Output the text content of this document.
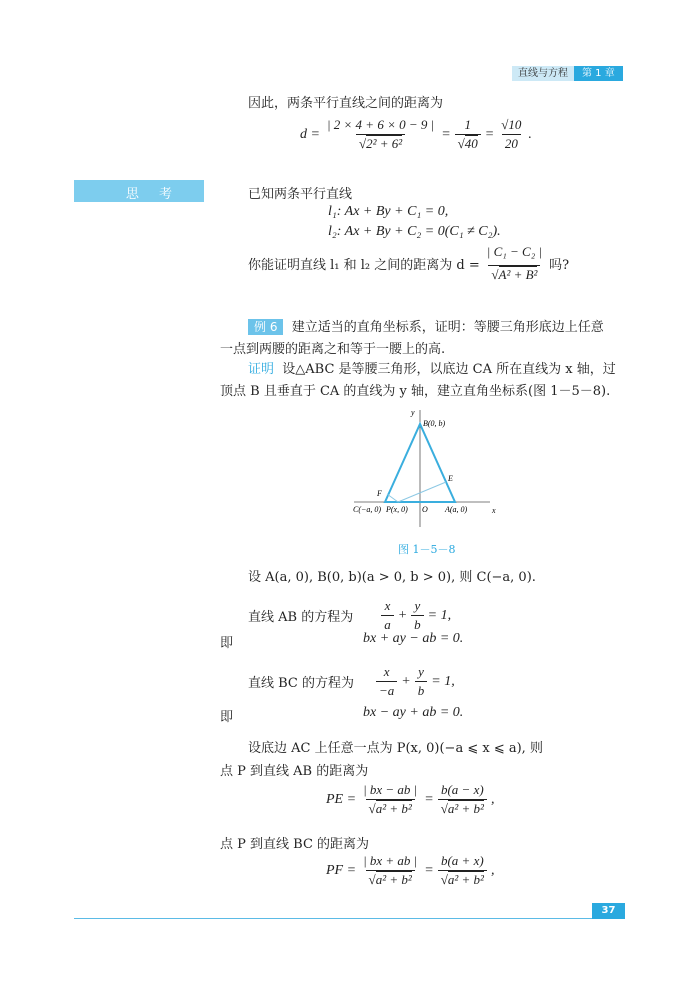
直线与方程 第 1 章
因此，两条平行直线之间的距离为
d = | 2 × 4 + 6 × 0 − 9 |
√ 2² + 6² = 1
√ $40 = \frac{√10}{20}$ .
思 考	已知两条平行直线
l₁: Ax + By + C₁ = 0,
l₂: Ax + By + C₂ = 0(C₁ ≠ C₂).
你能证明直线 l₁ 和 l₂ 之间的距离为 d = | C₁ − C₂ |
√ A² + B² 吗?
例 6 建立适当的直角坐标系，证明：等腰三角形底边上任意
一点到两腰的距离之和等于一腰上的高.
证明 设△ABC 是等腰三角形，以底边 CA 所在直线为 x 轴，过
顶点 B 且垂直于 CA 的直线为 y 轴，建立直角坐标系(图 1－5－8).
y
x
B(0, b)
E
F
C(−a, 0) P(x, 0) O A(a, 0)
图 1－5－8
设 A(a, 0), B(0, b)(a > 0, b > 0), 则 C(−a, 0).
直线 AB 的方程为 $\frac{x}{a} + \frac{y}{b} = 1$,
即	bx + ay − ab = 0.
直线 BC 的方程为 $\frac{x}{-a} + \frac{y}{b} = 1$,
即	bx − ay + ab = 0.
设底边 AC 上任意一点为 P(x, 0)(−a ⩽ x ⩽ a), 则
点 P 到直线 AB 的距离为
PE = | bx − ab |
√ a² + b² = b(a − x)
√ a² + b² ,
点 P 到直线 BC 的距离为
PF = | bx + ab |
√ a² + b² = b(a + x)
√ a² + b² ,
37
